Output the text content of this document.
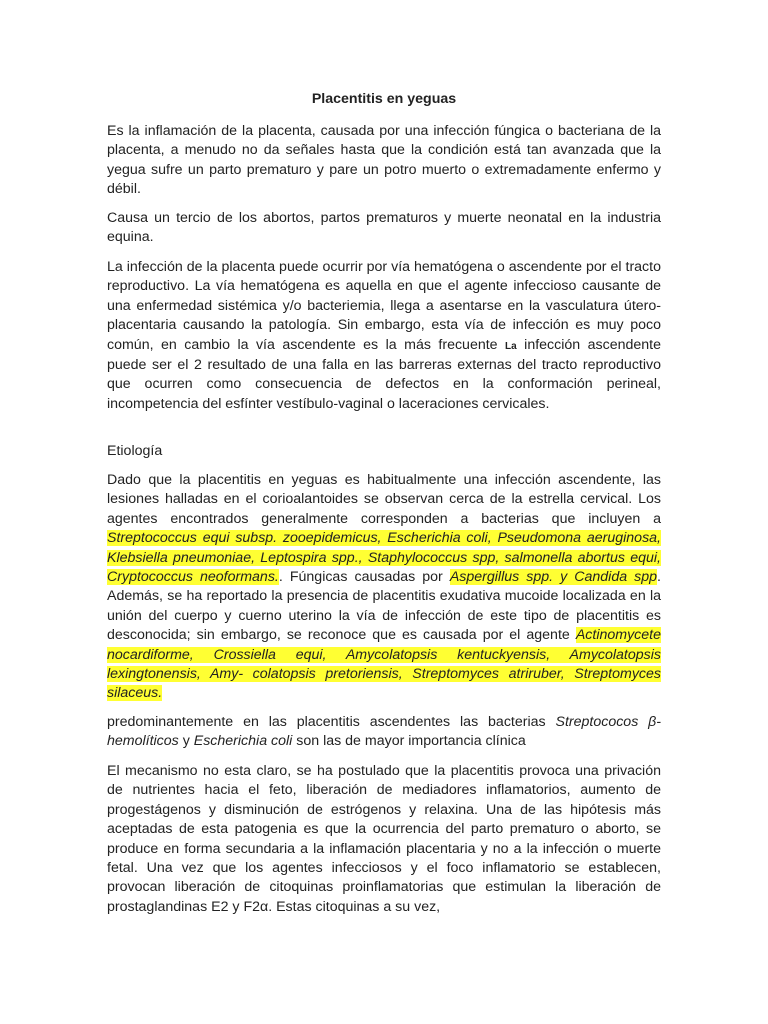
Placentitis en yeguas

Es la inflamación de la placenta, causada por una infección fúngica o bacteriana de la placenta, a menudo no da señales hasta que la condición está tan avanzada que la yegua sufre un parto prematuro y pare un potro muerto o extremadamente enfermo y débil.

Causa un tercio de los abortos, partos prematuros y muerte neonatal en la industria equina.

La infección de la placenta puede ocurrir por vía hematógena o ascendente por el tracto reproductivo. La vía hematógena es aquella en que el agente infeccioso causante de una enfermedad sistémica y/o bacteriemia, llega a asentarse en la vasculatura útero-placentaria causando la patología. Sin embargo, esta vía de infección es muy poco común, en cambio la vía ascendente es la más frecuente La infección ascendente puede ser el 2 resultado de una falla en las barreras externas del tracto reproductivo que ocurren como consecuencia de defectos en la conformación perineal, incompetencia del esfínter vestíbulo-vaginal o laceraciones cervicales.

Etiología

Dado que la placentitis en yeguas es habitualmente una infección ascendente, las lesiones halladas en el corioalantoides se observan cerca de la estrella cervical. Los agentes encontrados generalmente corresponden a bacterias que incluyen a Streptococcus equi subsp. zooepidemicus, Escherichia coli, Pseudomona aeruginosa, Klebsiella pneumoniae, Leptospira spp., Staphylococcus spp, salmonella abortus equi, Cryptococcus neoformans.. Fúngicas causadas por Aspergillus spp. y Candida spp. Además, se ha reportado la presencia de placentitis exudativa mucoide localizada en la unión del cuerpo y cuerno uterino la vía de infección de este tipo de placentitis es desconocida; sin embargo, se reconoce que es causada por el agente Actinomycete nocardiforme, Crossiella equi, Amycolatopsis kentuckyensis, Amycolatopsis lexingtonensis, Amy- colatopsis pretoriensis, Streptomyces atriruber, Streptomyces silaceus.

predominantemente en las placentitis ascendentes las bacterias Streptococos β-hemolíticos y Escherichia coli son las de mayor importancia clínica

El mecanismo no esta claro, se ha postulado que la placentitis provoca una privación de nutrientes hacia el feto, liberación de mediadores inflamatorios, aumento de progestágenos y disminución de estrógenos y relaxina. Una de las hipótesis más aceptadas de esta patogenia es que la ocurrencia del parto prematuro o aborto, se produce en forma secundaria a la inflamación placentaria y no a la infección o muerte fetal. Una vez que los agentes infecciosos y el foco inflamatorio se establecen, provocan liberación de citoquinas proinflamatorias que estimulan la liberación de prostaglandinas E2 y F2α. Estas citoquinas a su vez,
